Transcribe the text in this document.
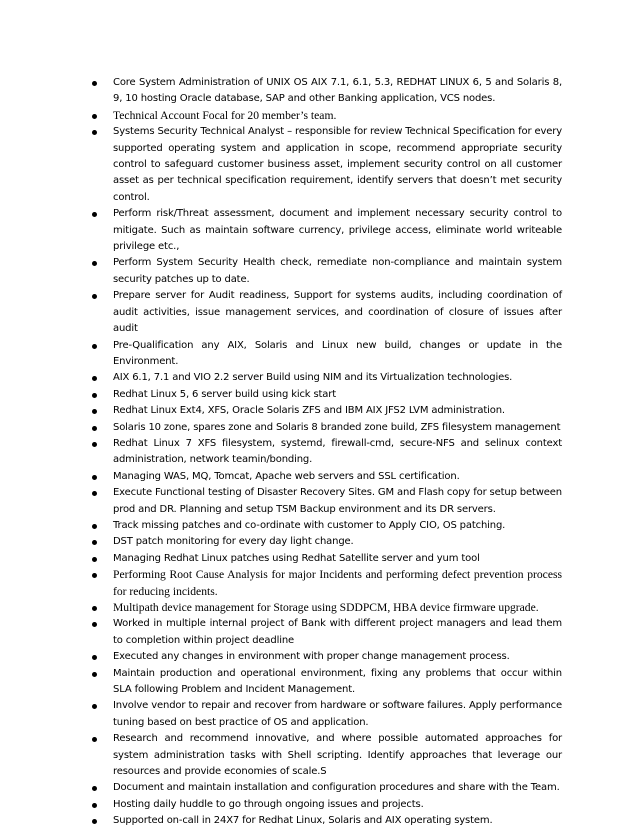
Core System Administration of UNIX OS AIX 7.1, 6.1, 5.3, REDHAT LINUX 6, 5 and Solaris 8, 9, 10 hosting Oracle database, SAP and other Banking application, VCS nodes.
Technical Account Focal for 20 member’s team.
Systems Security Technical Analyst – responsible for review Technical Specification for every supported operating system and application in scope, recommend appropriate security control to safeguard customer business asset, implement security control on all customer asset as per technical specification requirement, identify servers that doesn’t met security control.
Perform risk/Threat assessment, document and implement necessary security control to mitigate. Such as maintain software currency, privilege access, eliminate world writeable privilege etc.,
Perform System Security Health check, remediate non-compliance and maintain system security patches up to date.
Prepare server for Audit readiness, Support for systems audits, including coordination of audit activities, issue management services, and coordination of closure of issues after audit
Pre-Qualification any AIX, Solaris and Linux new build, changes or update in the Environment.
AIX 6.1, 7.1 and VIO 2.2 server Build using NIM and its Virtualization technologies.
Redhat Linux 5, 6 server build using kick start
Redhat Linux Ext4, XFS, Oracle Solaris ZFS and IBM AIX JFS2 LVM administration.
Solaris 10 zone, spares zone and Solaris 8 branded zone build, ZFS filesystem management
Redhat Linux 7 XFS filesystem, systemd, firewall-cmd, secure-NFS and selinux context administration, network teamin/bonding.
Managing WAS, MQ, Tomcat, Apache web servers and SSL certification.
Execute Functional testing of Disaster Recovery Sites. GM and Flash copy for setup between prod and DR. Planning and setup TSM Backup environment and its DR servers.
Track missing patches and co-ordinate with customer to Apply CIO, OS patching.
DST patch monitoring for every day light change.
Managing Redhat Linux patches using Redhat Satellite server and yum tool
Performing Root Cause Analysis for major Incidents and performing defect prevention process for reducing incidents.
Multipath device management for Storage using SDDPCM, HBA device firmware upgrade.
Worked in multiple internal project of Bank with different project managers and lead them to completion within project deadline
Executed any changes in environment with proper change management process.
Maintain production and operational environment, fixing any problems that occur within SLA following Problem and Incident Management.
Involve vendor to repair and recover from hardware or software failures. Apply performance tuning based on best practice of OS and application.
Research and recommend innovative, and where possible automated approaches for system administration tasks with Shell scripting. Identify approaches that leverage our resources and provide economies of scale.S
Document and maintain installation and configuration procedures and share with the Team.
Hosting daily huddle to go through ongoing issues and projects.
Supported on-call in 24X7 for Redhat Linux, Solaris and AIX operating system.
